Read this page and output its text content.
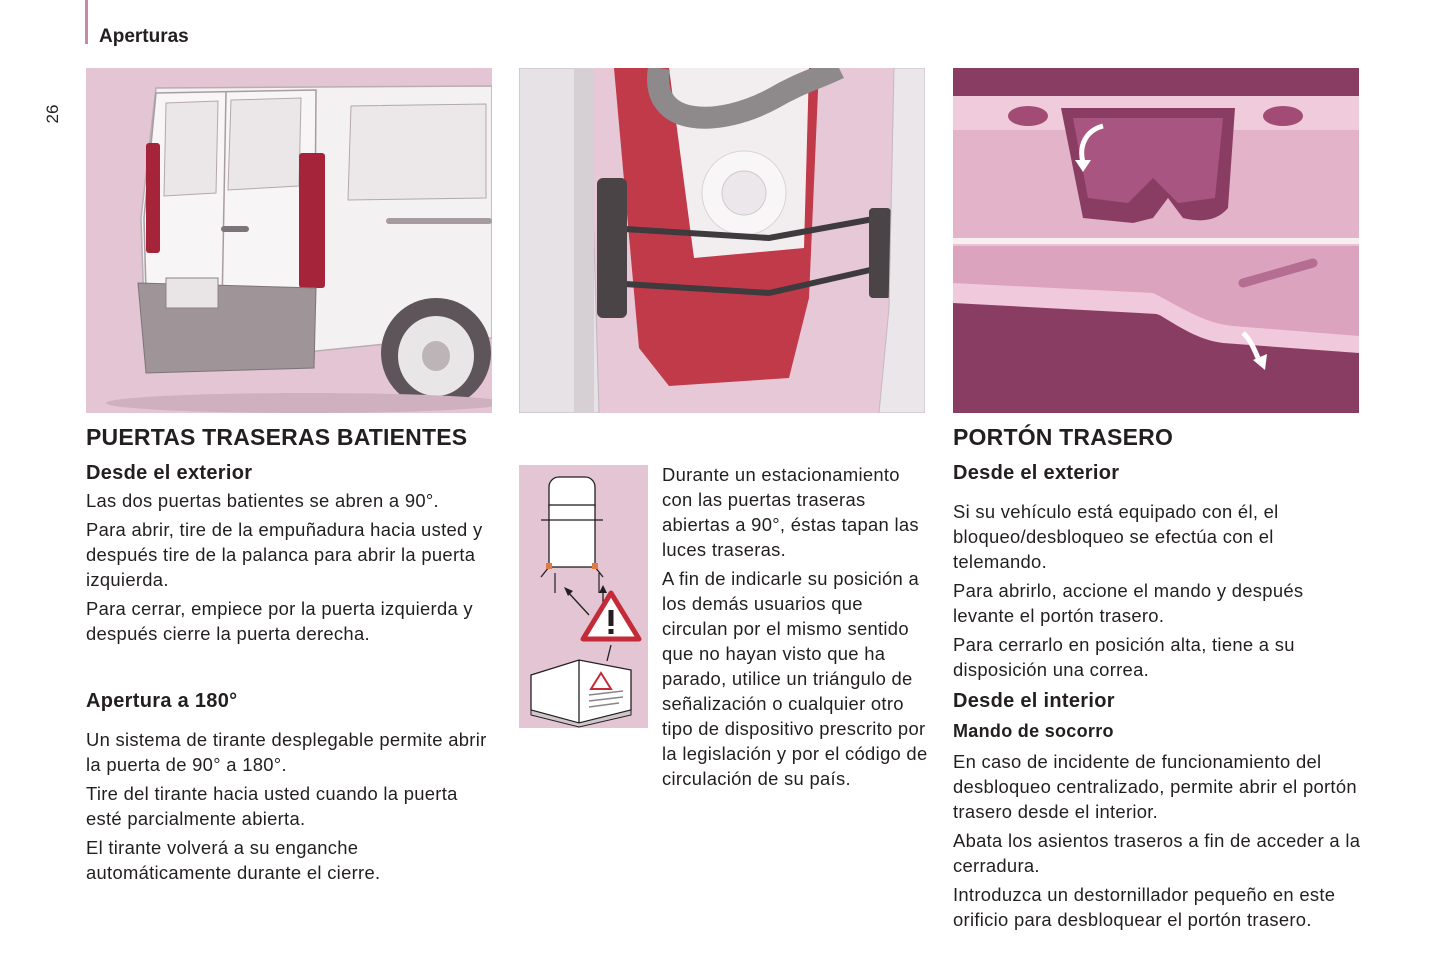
Aperturas
26
PUERTAS TRASERAS BATIENTES
Desde el exterior

Las dos puertas batientes se abren a 90°.

Para abrir, tire de la empuñadura hacia usted y después tire de la palanca para abrir la puerta izquierda.

Para cerrar, empiece por la puerta izquierda y después cierre la puerta derecha.

Apertura a 180°

Un sistema de tirante desplegable permite abrir la puerta de 90° a 180°.

Tire del tirante hacia usted cuando la puerta esté parcialmente abierta.

El tirante volverá a su enganche automáticamente durante el cierre.

Durante un estacionamiento con las puertas traseras abiertas a 90°, éstas tapan las luces traseras.

A fin de indicarle su posición a los demás usuarios que circulan por el mismo sentido que no hayan visto que ha parado, utilice un triángulo de señalización o cualquier otro tipo de dispositivo prescrito por la legislación y por el código de circulación de su país.

PORTÓN TRASERO
Desde el exterior

Si su vehículo está equipado con él, el bloqueo/desbloqueo se efectúa con el telemando.

Para abrirlo, accione el mando y después levante el portón trasero.

Para cerrarlo en posición alta, tiene a su disposición una correa.

Desde el interior
Mando de socorro

En caso de incidente de funcionamiento del desbloqueo centralizado, permite abrir el portón trasero desde el interior.

Abata los asientos traseros a fin de acceder a la cerradura.

Introduzca un destornillador pequeño en este orificio para desbloquear el portón trasero.
